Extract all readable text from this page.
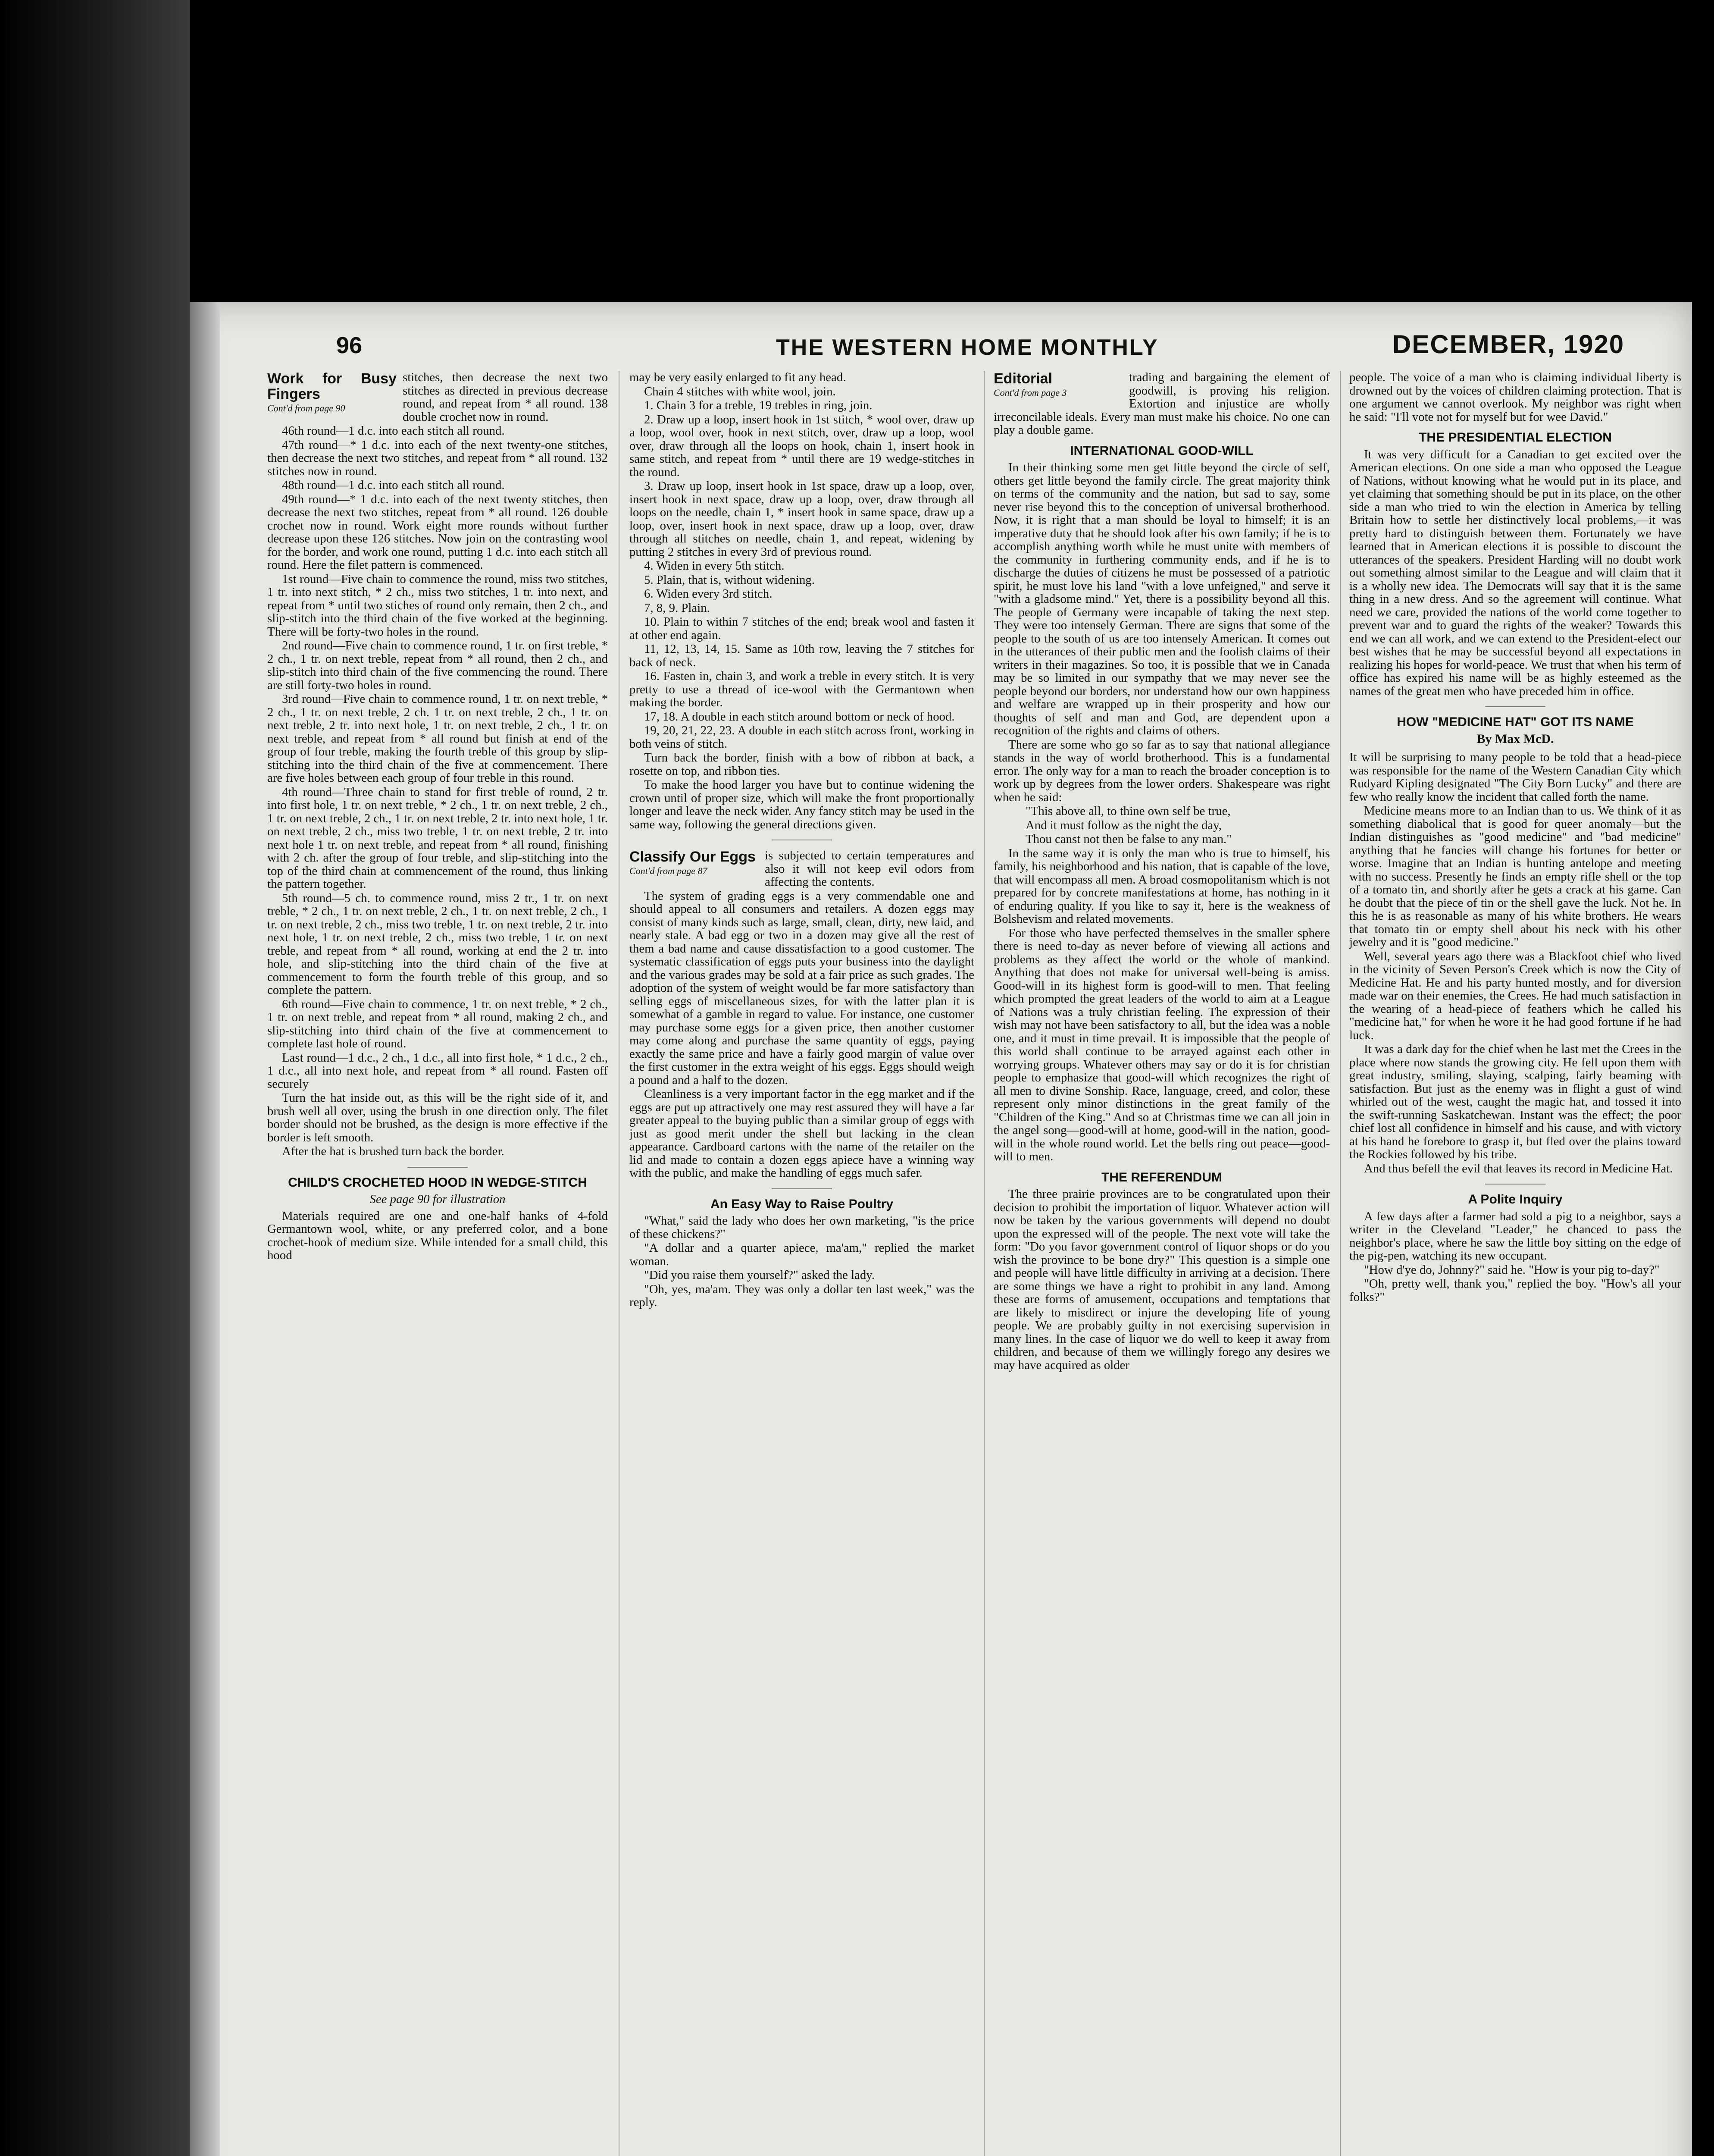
96	THE WESTERN HOME MONTHLY	DECEMBER, 1920
Work for Busy Fingers
Cont'd from page 90

stitches, then decrease the next two stitches as directed in previous decrease round, and repeat from * all round. 138 double crochet now in round.

46th round—1 d.c. into each stitch all round.

47th round—* 1 d.c. into each of the next twenty-one stitches, then decrease the next two stitches, and repeat from * all round. 132 stitches now in round.

48th round—1 d.c. into each stitch all round.

49th round—* 1 d.c. into each of the next twenty stitches, then decrease the next two stitches, repeat from * all round. 126 double crochet now in round. Work eight more rounds without further decrease upon these 126 stitches. Now join on the contrasting wool for the border, and work one round, putting 1 d.c. into each stitch all round. Here the filet pattern is commenced.

1st round—Five chain to commence the round, miss two stitches, 1 tr. into next stitch, * 2 ch., miss two stitches, 1 tr. into next, and repeat from * until two stiches of round only remain, then 2 ch., and slip-stitch into the third chain of the five worked at the beginning. There will be forty-two holes in the round.

2nd round—Five chain to commence round, 1 tr. on first treble, * 2 ch., 1 tr. on next treble, repeat from * all round, then 2 ch., and slip-stitch into third chain of the five commencing the round. There are still forty-two holes in round.

3rd round—Five chain to commence round, 1 tr. on next treble, * 2 ch., 1 tr. on next treble, 2 ch. 1 tr. on next treble, 2 ch., 1 tr. on next treble, 2 tr. into next hole, 1 tr. on next treble, 2 ch., 1 tr. on next treble, and repeat from * all round but finish at end of the group of four treble, making the fourth treble of this group by slip-stitching into the third chain of the five at commencement. There are five holes between each group of four treble in this round.

4th round—Three chain to stand for first treble of round, 2 tr. into first hole, 1 tr. on next treble, * 2 ch., 1 tr. on next treble, 2 ch., 1 tr. on next treble, 2 ch., 1 tr. on next treble, 2 tr. into next hole, 1 tr. on next treble, 2 ch., miss two treble, 1 tr. on next treble, 2 tr. into next hole 1 tr. on next treble, and repeat from * all round, finishing with 2 ch. after the group of four treble, and slip-stitching into the top of the third chain at commencement of the round, thus linking the pattern together.

5th round—5 ch. to commence round, miss 2 tr., 1 tr. on next treble, * 2 ch., 1 tr. on next treble, 2 ch., 1 tr. on next treble, 2 ch., 1 tr. on next treble, 2 ch., miss two treble, 1 tr. on next treble, 2 tr. into next hole, 1 tr. on next treble, 2 ch., miss two treble, 1 tr. on next treble, and repeat from * all round, working at end the 2 tr. into hole, and slip-stitching into the third chain of the five at commencement to form the fourth treble of this group, and so complete the pattern.

6th round—Five chain to commence, 1 tr. on next treble, * 2 ch., 1 tr. on next treble, and repeat from * all round, making 2 ch., and slip-stitching into third chain of the five at commencement to complete last hole of round.

Last round—1 d.c., 2 ch., 1 d.c., all into first hole, * 1 d.c., 2 ch., 1 d.c., all into next hole, and repeat from * all round. Fasten off securely

Turn the hat inside out, as this will be the right side of it, and brush well all over, using the brush in one direction only. The filet border should not be brushed, as the design is more effective if the border is left smooth.

After the hat is brushed turn back the border.

CHILD'S CROCHETED HOOD IN WEDGE-STITCH
See page 90 for illustration

Materials required are one and one-half hanks of 4-fold Germantown wool, white, or any preferred color, and a bone crochet-hook of medium size. While intended for a small child, this hood

may be very easily enlarged to fit any head.

Chain 4 stitches with white wool, join.

1. Chain 3 for a treble, 19 trebles in ring, join.

2. Draw up a loop, insert hook in 1st stitch, * wool over, draw up a loop, wool over, hook in next stitch, over, draw up a loop, wool over, draw through all the loops on hook, chain 1, insert hook in same stitch, and repeat from * until there are 19 wedge-stitches in the round.

3. Draw up loop, insert hook in 1st space, draw up a loop, over, insert hook in next space, draw up a loop, over, draw through all loops on the needle, chain 1, * insert hook in same space, draw up a loop, over, insert hook in next space, draw up a loop, over, draw through all stitches on needle, chain 1, and repeat, widening by putting 2 stitches in every 3rd of previous round.

4. Widen in every 5th stitch.

5. Plain, that is, without widening.

6. Widen every 3rd stitch.

7, 8, 9. Plain.

10. Plain to within 7 stitches of the end; break wool and fasten it at other end again.

11, 12, 13, 14, 15. Same as 10th row, leaving the 7 stitches for back of neck.

16. Fasten in, chain 3, and work a treble in every stitch. It is very pretty to use a thread of ice-wool with the Germantown when making the border.

17, 18. A double in each stitch around bottom or neck of hood.

19, 20, 21, 22, 23. A double in each stitch across front, working in both veins of stitch.

Turn back the border, finish with a bow of ribbon at back, a rosette on top, and ribbon ties.

To make the hood larger you have but to continue widening the crown until of proper size, which will make the front proportionally longer and leave the neck wider. Any fancy stitch may be used in the same way, following the general directions given.

Classify Our Eggs
Cont'd from page 87

is subjected to certain temperatures and also it will not keep evil odors from affecting the contents.

The system of grading eggs is a very commendable one and should appeal to all consumers and retailers. A dozen eggs may consist of many kinds such as large, small, clean, dirty, new laid, and nearly stale. A bad egg or two in a dozen may give all the rest of them a bad name and cause dissatisfaction to a good customer. The systematic classification of eggs puts your business into the daylight and the various grades may be sold at a fair price as such grades. The adoption of the system of weight would be far more satisfactory than selling eggs of miscellaneous sizes, for with the latter plan it is somewhat of a gamble in regard to value. For instance, one customer may purchase some eggs for a given price, then another customer may come along and purchase the same quantity of eggs, paying exactly the same price and have a fairly good margin of value over the first customer in the extra weight of his eggs. Eggs should weigh a pound and a half to the dozen.

Cleanliness is a very important factor in the egg market and if the eggs are put up attractively one may rest assured they will have a far greater appeal to the buying public than a similar group of eggs with just as good merit under the shell but lacking in the clean appearance. Cardboard cartons with the name of the retailer on the lid and made to contain a dozen eggs apiece have a winning way with the public, and make the handling of eggs much safer.

An Easy Way to Raise Poultry

"What," said the lady who does her own marketing, "is the price of these chickens?"

"A dollar and a quarter apiece, ma'am," replied the market woman.

"Did you raise them yourself?" asked the lady.

"Oh, yes, ma'am. They was only a dollar ten last week," was the reply.

Editorial
Cont'd from page 3

trading and bargaining the element of goodwill, is proving his religion. Extortion and injustice are wholly irreconcilable ideals. Every man must make his choice. No one can play a double game.

INTERNATIONAL GOOD-WILL

In their thinking some men get little beyond the circle of self, others get little beyond the family circle. The great majority think on terms of the community and the nation, but sad to say, some never rise beyond this to the conception of universal brotherhood. Now, it is right that a man should be loyal to himself; it is an imperative duty that he should look after his own family; if he is to accomplish anything worth while he must unite with members of the community in furthering community ends, and if he is to discharge the duties of citizens he must be possessed of a patriotic spirit, he must love his land "with a love unfeigned," and serve it "with a gladsome mind." Yet, there is a possibility beyond all this. The people of Germany were incapable of taking the next step. They were too intensely German. There are signs that some of the people to the south of us are too intensely American. It comes out in the utterances of their public men and the foolish claims of their writers in their magazines. So too, it is possible that we in Canada may be so limited in our sympathy that we may never see the people beyond our borders, nor understand how our own happiness and welfare are wrapped up in their prosperity and how our thoughts of self and man and God, are dependent upon a recognition of the rights and claims of others.

There are some who go so far as to say that national allegiance stands in the way of world brotherhood. This is a fundamental error. The only way for a man to reach the broader conception is to work up by degrees from the lower orders. Shakespeare was right when he said:

"This above all, to thine own self be true,

And it must follow as the night the day,

Thou canst not then be false to any man."

In the same way it is only the man who is true to himself, his family, his neighborhood and his nation, that is capable of the love, that will encompass all men. A broad cosmopolitanism which is not prepared for by concrete manifestations at home, has nothing in it of enduring quality. If you like to say it, here is the weakness of Bolshevism and related movements.

For those who have perfected themselves in the smaller sphere there is need to-day as never before of viewing all actions and problems as they affect the world or the whole of mankind. Anything that does not make for universal well-being is amiss. Good-will in its highest form is good-will to men. That feeling which prompted the great leaders of the world to aim at a League of Nations was a truly christian feeling. The expression of their wish may not have been satisfactory to all, but the idea was a noble one, and it must in time prevail. It is impossible that the people of this world shall continue to be arrayed against each other in worrying groups. Whatever others may say or do it is for christian people to emphasize that good-will which recognizes the right of all men to divine Sonship. Race, language, creed, and color, these represent only minor distinctions in the great family of the "Children of the King." And so at Christmas time we can all join in the angel song—good-will at home, good-will in the nation, good-will in the whole round world. Let the bells ring out peace—good-will to men.

THE REFERENDUM

The three prairie provinces are to be congratulated upon their decision to prohibit the importation of liquor. Whatever action will now be taken by the various governments will depend no doubt upon the expressed will of the people. The next vote will take the form: "Do you favor government control of liquor shops or do you wish the province to be bone dry?" This question is a simple one and people will have little difficulty in arriving at a decision. There are some things we have a right to prohibit in any land. Among these are forms of amusement, occupations and temptations that are likely to misdirect or injure the developing life of young people. We are probably guilty in not exercising supervision in many lines. In the case of liquor we do well to keep it away from children, and because of them we willingly forego any desires we may have acquired as older

people. The voice of a man who is claiming individual liberty is drowned out by the voices of children claiming protection. That is one argument we cannot overlook. My neighbor was right when he said: "I'll vote not for myself but for wee David."

THE PRESIDENTIAL ELECTION

It was very difficult for a Canadian to get excited over the American elections. On one side a man who opposed the League of Nations, without knowing what he would put in its place, and yet claiming that something should be put in its place, on the other side a man who tried to win the election in America by telling Britain how to settle her distinctively local problems,—it was pretty hard to distinguish between them. Fortunately we have learned that in American elections it is possible to discount the utterances of the speakers. President Harding will no doubt work out something almost similar to the League and will claim that it is a wholly new idea. The Democrats will say that it is the same thing in a new dress. And so the agreement will continue. What need we care, provided the nations of the world come together to prevent war and to guard the rights of the weaker? Towards this end we can all work, and we can extend to the President-elect our best wishes that he may be successful beyond all expectations in realizing his hopes for world-peace. We trust that when his term of office has expired his name will be as highly esteemed as the names of the great men who have preceded him in office.

HOW "MEDICINE HAT" GOT ITS NAME
By Max McD.

It will be surprising to many people to be told that a head-piece was responsible for the name of the Western Canadian City which Rudyard Kipling designated "The City Born Lucky" and there are few who really know the incident that called forth the name.

Medicine means more to an Indian than to us. We think of it as something diabolical that is good for queer anomaly—but the Indian distinguishes as "good medicine" and "bad medicine" anything that he fancies will change his fortunes for better or worse. Imagine that an Indian is hunting antelope and meeting with no success. Presently he finds an empty rifle shell or the top of a tomato tin, and shortly after he gets a crack at his game. Can he doubt that the piece of tin or the shell gave the luck. Not he. In this he is as reasonable as many of his white brothers. He wears that tomato tin or empty shell about his neck with his other jewelry and it is "good medicine."

Well, several years ago there was a Blackfoot chief who lived in the vicinity of Seven Person's Creek which is now the City of Medicine Hat. He and his party hunted mostly, and for diversion made war on their enemies, the Crees. He had much satisfaction in the wearing of a head-piece of feathers which he called his "medicine hat," for when he wore it he had good fortune if he had luck.

It was a dark day for the chief when he last met the Crees in the place where now stands the growing city. He fell upon them with great industry, smiling, slaying, scalping, fairly beaming with satisfaction. But just as the enemy was in flight a gust of wind whirled out of the west, caught the magic hat, and tossed it into the swift-running Saskatchewan. Instant was the effect; the poor chief lost all confidence in himself and his cause, and with victory at his hand he forebore to grasp it, but fled over the plains toward the Rockies followed by his tribe.

And thus befell the evil that leaves its record in Medicine Hat.

A Polite Inquiry

A few days after a farmer had sold a pig to a neighbor, says a writer in the Cleveland "Leader," he chanced to pass the neighbor's place, where he saw the little boy sitting on the edge of the pig-pen, watching its new occupant.

"How d'ye do, Johnny?" said he. "How is your pig to-day?"

"Oh, pretty well, thank you," replied the boy. "How's all your folks?"
